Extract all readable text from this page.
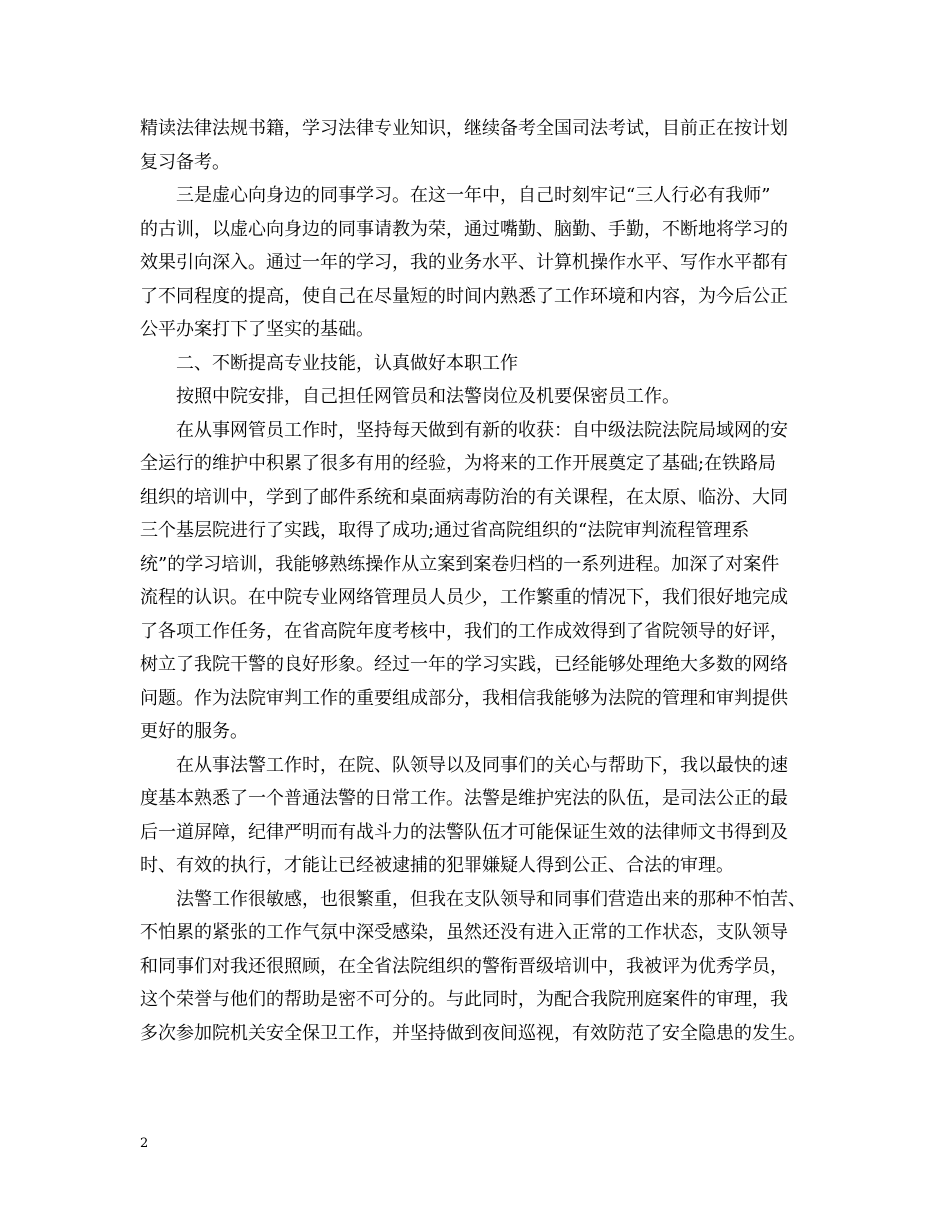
精读法律法规书籍，学习法律专业知识，继续备考全国司法考试，目前正在按计划

复习备考。

三是虚心向身边的同事学习。在这一年中，自己时刻牢记“三人行必有我师”

的古训，以虚心向身边的同事请教为荣，通过嘴勤、脑勤、手勤，不断地将学习的

效果引向深入。通过一年的学习，我的业务水平、计算机操作水平、写作水平都有

了不同程度的提高，使自己在尽量短的时间内熟悉了工作环境和内容，为今后公正

公平办案打下了坚实的基础。

二、不断提高专业技能，认真做好本职工作

按照中院安排，自己担任网管员和法警岗位及机要保密员工作。

在从事网管员工作时，坚持每天做到有新的收获：自中级法院法院局域网的安

全运行的维护中积累了很多有用的经验，为将来的工作开展奠定了基础;在铁路局

组织的培训中，学到了邮件系统和桌面病毒防治的有关课程，在太原、临汾、大同

三个基层院进行了实践，取得了成功;通过省高院组织的“法院审判流程管理系

统”的学习培训，我能够熟练操作从立案到案卷归档的一系列进程。加深了对案件

流程的认识。在中院专业网络管理员人员少，工作繁重的情况下，我们很好地完成

了各项工作任务，在省高院年度考核中，我们的工作成效得到了省院领导的好评，

树立了我院干警的良好形象。经过一年的学习实践，已经能够处理绝大多数的网络

问题。作为法院审判工作的重要组成部分，我相信我能够为法院的管理和审判提供

更好的服务。

在从事法警工作时，在院、队领导以及同事们的关心与帮助下，我以最快的速

度基本熟悉了一个普通法警的日常工作。法警是维护宪法的队伍，是司法公正的最

后一道屏障，纪律严明而有战斗力的法警队伍才可能保证生效的法律师文书得到及

时、有效的执行，才能让已经被逮捕的犯罪嫌疑人得到公正、合法的审理。

法警工作很敏感，也很繁重，但我在支队领导和同事们营造出来的那种不怕苦、

不怕累的紧张的工作气氛中深受感染，虽然还没有进入正常的工作状态，支队领导

和同事们对我还很照顾，在全省法院组织的警衔晋级培训中，我被评为优秀学员，

这个荣誉与他们的帮助是密不可分的。与此同时，为配合我院刑庭案件的审理，我

多次参加院机关安全保卫工作，并坚持做到夜间巡视，有效防范了安全隐患的发生。

2
